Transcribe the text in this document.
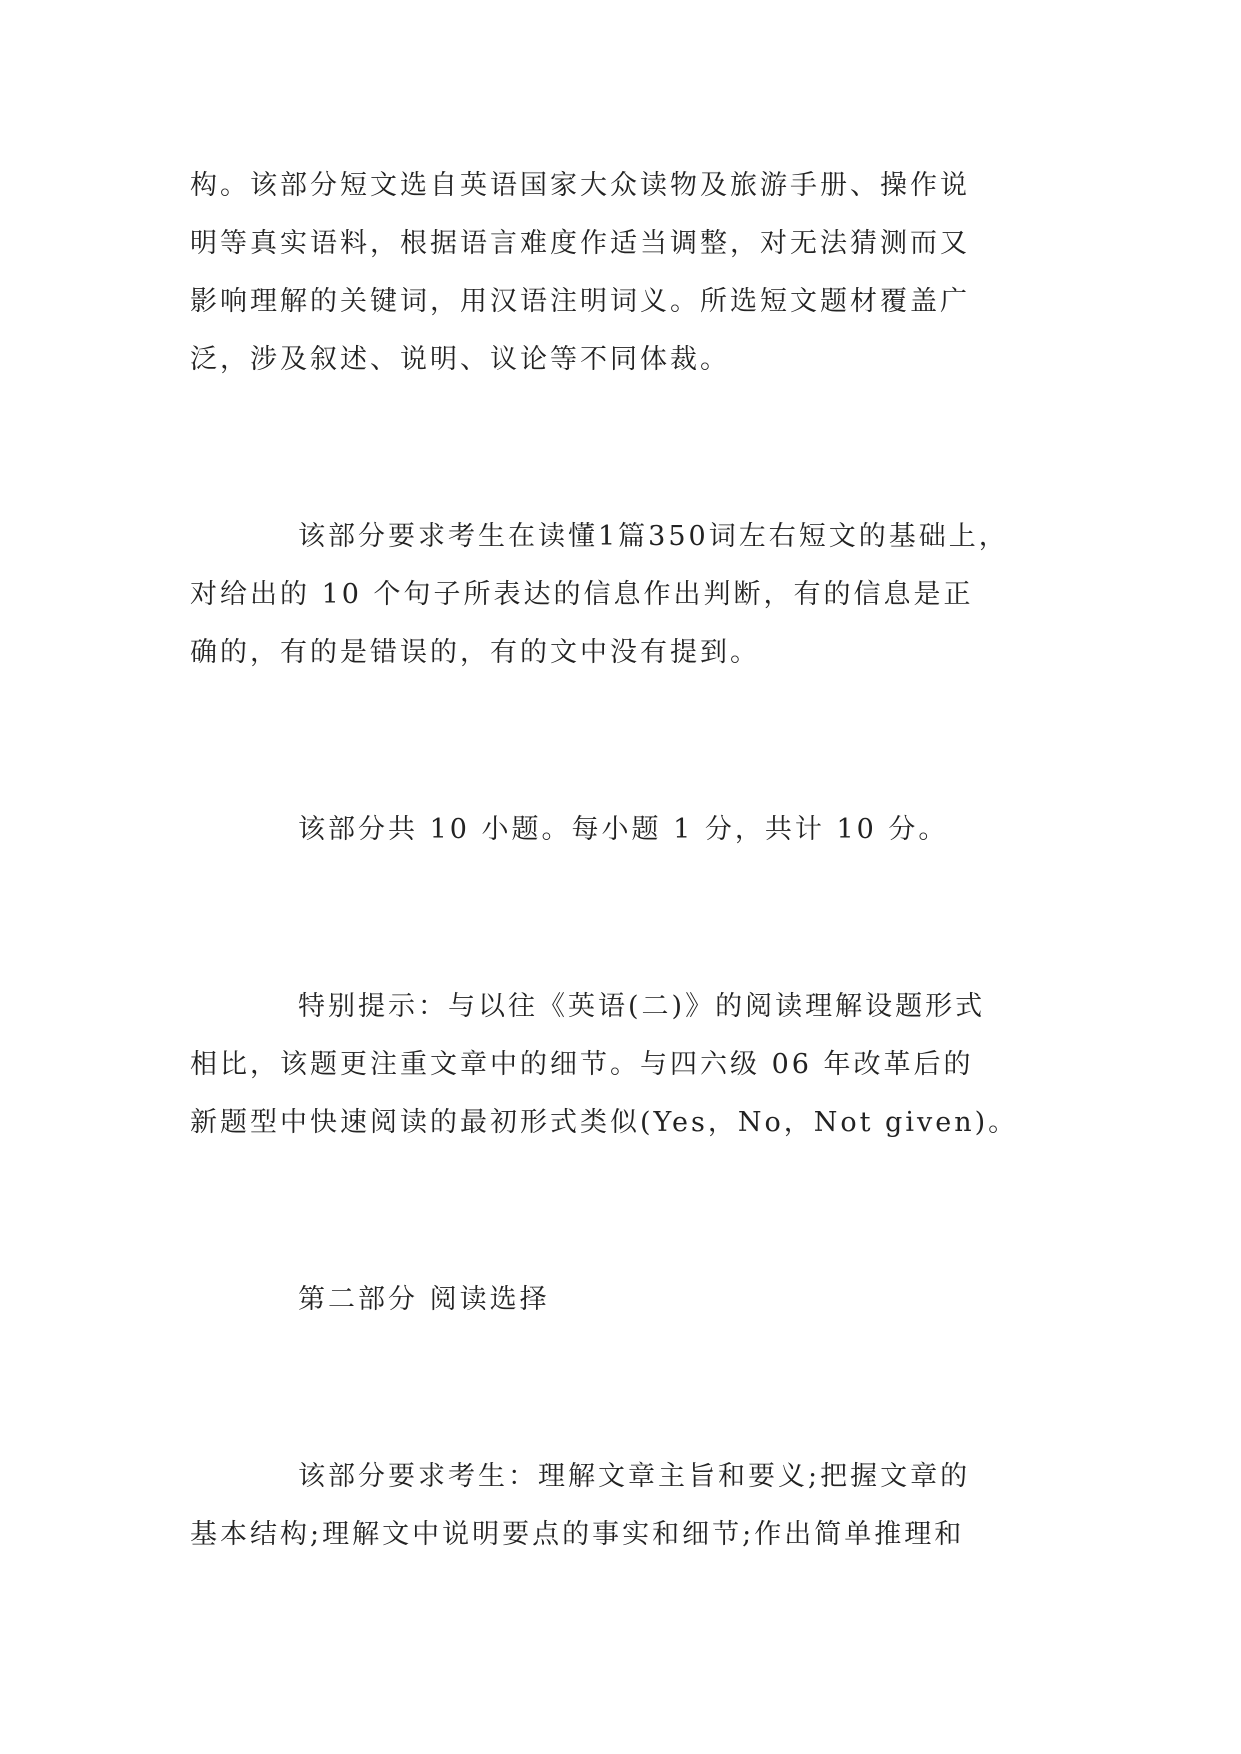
构。该部分短文选自英语国家大众读物及旅游手册、操作说
明等真实语料，根据语言难度作适当调整，对无法猜测而又
影响理解的关键词，用汉语注明词义。所选短文题材覆盖广
泛，涉及叙述、说明、议论等不同体裁。
该部分要求考生在读懂1篇350词左右短文的基础上，
对给出的 10 个句子所表达的信息作出判断，有的信息是正
确的，有的是错误的，有的文中没有提到。
该部分共 10 小题。每小题 1 分，共计 10 分。
特别提示：与以往《英语(二)》的阅读理解设题形式
相比，该题更注重文章中的细节。与四六级 06 年改革后的
新题型中快速阅读的最初形式类似(Yes，No，Not given)。
第二部分 阅读选择
该部分要求考生：理解文章主旨和要义;把握文章的
基本结构;理解文中说明要点的事实和细节;作出简单推理和
